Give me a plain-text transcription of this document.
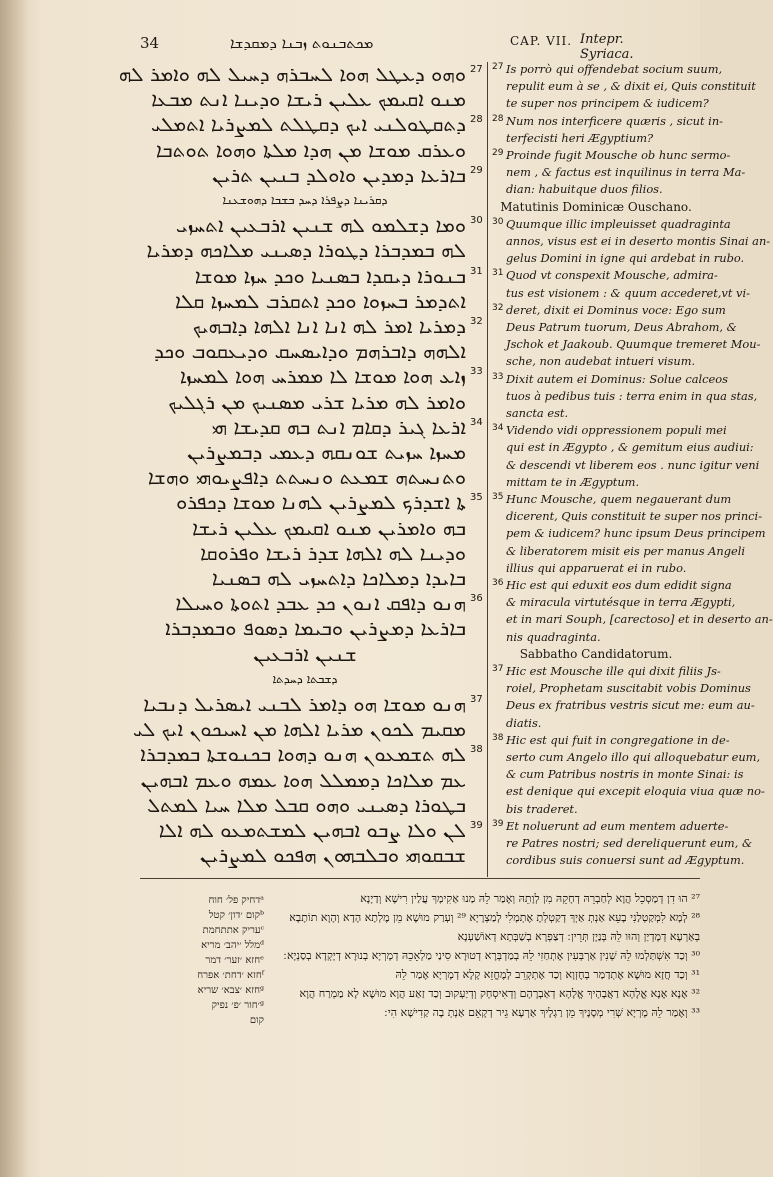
34	ܡܟܬܒܢܘܬ ܙܒܢܐ ܕܡܩܕܫܐ	CAP. VII. Intepr. Syriaca.
ܘܗܘ ܕܥܛܠ ܗܘܐ ܠܚܒܪܗ ܕܚܝܠ ܠܗ ܘܐܡܪ ܠܗ 27
ܡܢܘ ܐܩܝܡܟ ܥܠܝܢ ܪܝܫܐ ܘܕܝܢܐ ܐܢܬ ܡܒܥܐ
ܕܬܩܛܘܠܢܝ ܐܝܟ ܕܩܛܠܬ ܠܡܨܪܝܐ ܐܬܡܠܝ 28
ܘܥܪܩ ܡܘܫܐ ܡܢ ܗܕܐ ܡܠܬܐ ܘܗܘܐ ܬܘܬܒܐ
ܒܐܪܥܐ ܕܡܕܝܢ ܘܐܘܠܕ ܒܢܝܢ ܬܪܝܢ 29
ܕܩܪܝܢܐ ܕܨܦܪܐ ܕܚܕ ܒܫܒܐ ܕܗܘܫܥܢܐ
ܘܡܐ ܕܫܠܡܘ ܠܗ ܫܢܝܢ ܐܪܒܥܝܢ ܐܬܚܙܝ 30
ܠܗ ܒܡܕܒܪܐ ܕܛܘܪܐ ܕܣܝܢܝ ܡܠܐܟܗ ܕܡܪܝܐ
ܒܢܘܪܐ ܕܝܩܕܐ ܒܣܢܝܐ ܘܟܕ ܚܙܐ ܡܘܫܐ 31
ܐܬܕܡܪ ܒܚܙܘܐ ܘܟܕ ܐܬܩܪܒ ܠܡܚܙܐ ܩܠܐ
ܕܡܪܝܐ ܐܡܪ ܠܗ ܐܢܐ ܐܢܐ ܐܠܗܐ ܕܐܒܗܝܟ 32
ܐܠܗܗ ܕܐܒܪܗܡ ܘܕܐܝܣܚܩ ܘܕܝܥܩܘܒ ܘܟܕ
ܙܐܥ ܗܘܐ ܡܘܫܐ ܠܐ ܡܡܪܚ ܗܘܐ ܠܡܚܙܐ 33
ܘܐܡܪ ܠܗ ܡܪܝܐ ܫܪܝ ܡܣܢܝܟ ܡܢ ܪܓܠܝܟ
ܐܪܥܐ ܓܝܪ ܕܩܐܡ ܐܢܬ ܒܗ ܩܕܝܫܐ ܗܝ 34
ܡܚܙܐ ܚܙܝܬ ܫܘܢܩܗ ܕܥܡܝ ܕܒܡܨܪܝܢ
ܘܬܢܚܬܗ ܫܡܥܬ ܘܢܚܬܬ ܕܐܦܨܝܘܗܝ ܘܗܫܐ
ܬܐ ܐܫܕܪܟ ܠܡܨܪܝܢ ܠܗܢܐ ܡܘܫܐ ܕܟܦܪܘ 35
ܒܗ ܘܐܡܪܝܢ ܡܢܘ ܐܩܝܡܟ ܥܠܝܢ ܪܝܫܐ
ܘܕܝܢܐ ܠܗ ܐܠܗܐ ܫܕܪ ܪܝܫܐ ܘܦܪܘܩܐ
ܒܐܝܕܐ ܕܡܠܐܟܐ ܕܐܬܚܙܝ ܠܗ ܒܣܢܝܐ
ܗܢܘ ܕܐܦܩ ܐܢܘܢ ܟܕ ܥܒܕ ܐܬܘܬܐ ܘܚܝܠܐ 36
ܒܐܪܥܐ ܕܡܨܪܝܢ ܘܒܝܡܐ ܕܣܘܦ ܘܒܡܕܒܪܐ
ܫܢܝܢ ܐܪܒܥܝܢ
ܕܫܒܬܐ ܕܚܕܬܐ
ܗܢܘ ܡܘܫܐ ܗܘ ܕܐܡܪ ܠܒܢܝ ܐܝܣܪܝܠ ܕܢܒܝܐ 37
ܡܩܝܡ ܠܟܘܢ ܡܪܝܐ ܐܠܗܐ ܡܢ ܐܚܝܟܘܢ ܐܝܟ ܠܝ
ܠܗ ܬܫܡܥܘܢ ܗܢܘ ܕܗܘܐ ܒܟܢܘܫܬܐ ܒܡܕܒܪܐ 38
ܥܡ ܡܠܐܟܐ ܕܡܡܠܠ ܗܘܐ ܥܡܗ ܘܥܡ ܐܒܗܝܢ
ܒܛܘܪܐ ܕܣܝܢܝ ܘܗܘ ܩܒܠ ܡܠܐ ܚܝܐ ܠܡܬܠ
ܠܢ ܘܠܐ ܨܒܘ ܐܒܗܝܢ ܠܡܫܬܡܥܘ ܠܗ ܐܠܐ 39
ܫܒܩܘܗܝ ܘܒܠܒܗܘܢ ܗܦܟܘ ܠܡܨܪܝܢ
Is porrò qui offendebat socium suum,
27
repulit eum à se , & dixit ei, Quis constituit
te super nos principem & iudicem?
Num nos interficere quæris , sicut in-
28
terfecisti heri Ægyptium?
Proinde fugit Mousche ob hunc sermo-
29
nem , & factus est inquilinus in terra Ma-
dian: habuitque duos filios.
Matutinis Dominicæ Ouschano.
Quumque illic impleuisset quadraginta
30
annos, visus est ei in deserto montis Sinai an-
gelus Domini in igne qui ardebat in rubo.
Quod vt conspexit Mousche, admira-
31
tus est visionem : & quum accederet,vt vi-
deret, dixit ei Dominus voce: Ego sum
32
Deus Patrum tuorum, Deus Abrahom, &
Jschok et Jaakoub. Quumque tremeret Mou-
sche, non audebat intueri visum.
Dixit autem ei Dominus: Solue calceos
33
tuos à pedibus tuis : terra enim in qua stas,
sancta est.
Videndo vidi oppressionem populi mei
34
qui est in Ægypto , & gemitum eius audiui:
& descendi vt liberem eos . nunc igitur veni
mittam te in Ægyptum.
Hunc Mousche, quem negauerant dum
35
dicerent, Quis constituit te super nos princi-
pem & iudicem? hunc ipsum Deus principem
& liberatorem misit eis per manus Angeli
illius qui apparuerat ei in rubo.
Hic est qui eduxit eos dum edidit signa
36
& miracula virtutésque in terra Ægypti,
et in mari Souph, [carectoso] et in deserto an-
nis quadraginta.
Sabbatho Candidatorum.
Hic est Mousche ille qui dixit filiis Js-
37
roiel, Prophetam suscitabit vobis Dominus
Deus ex fratribus vestris sicut me: eum au-
diatis.
Hic est qui fuit in congregatione in de-
38
serto cum Angelo illo qui alloquebatur eum,
& cum Patribus nostris in monte Sinai: is
est denique qui excepit eloquia viua quæ no-
bis traderet.
Et noluerunt ad eum mentem aduerte-
39
re Patres nostri; sed dereliquerunt eum, &
cordibus suis conuersi sunt ad Ægyptum.
ᵃדחיק פל׳ חוח
ᵇקום ׳דון׳ קטל
ᶜעריק אתתחמת
ᵈמלל ׳יהב׳ מריא
ᵉחזא ׳זער׳ דמר
ᶠחזא ׳דחת׳ אפרח
ᵍחזא ׳צבא׳ שריא
ᵍ׳חור ׳פ׳ נפיק
קום
²⁷ הוּ דִן דְמַסְכֵל הֲוָא לְחַבְרֵהּ דְחָקֵהּ מִן לְוָתֵהּ וְאֶמַר לֵהּ מַנוּ אַקִימָךְ עֲלַין רִישָׁא וְדַיָנָא
²⁸ לְמָא לִמְקַטְלַנִי בָעֵא אַנְתְ אַיְךְ דְקַטְלְתָ אֶתְמָלִי לְמַצְרָיָא ²⁹ וְעְרַק מוּשֶׁא מֵן מֶלְתָא הָדָא וְהָוָא תוֹתָבָא
בְאַרְעָא דְמָדְיַן וְהוּו לֵהּ בְּנַיָן תְּרֵין ׃ דְצַפְרָא בְשַׁבְּתָא דְאוֹשַׁעְנָא
³⁰ וְכַד אִשְׁתַּלְמוּ לֵהּ שְׁנִין אַרְבְּעִין אֶתְחַזִי לֵהּ בְמַדְבְּרָא דְטוּרָא סִינַי מַלְאָכֵהּ דְמָרְיָא בְנוּרָא דְיָקְדָא בְסַנְיָא ׃
³¹ וְכַד חֲזָא מוּשֶׁא אֶתְדַמַר בְחֶזְוָא וְכַד אֶתְקְרֵב לְמֶחֱזֵא קָלָא דְמָרְיָא אֶמַר לֵהּ
³² אֶנָא אֶנָא אֱלָהָא דַאֲבָהָיךְ אֱלָהָא דְאַבְרָהָם וְדְאִיסְחָק וְדְיַעְקוּב וְכַד זַאַע הֲוָא מוּשֶׁא לָא מַמְרַח הֲוָא
³³ וְאֶמַר לֵהּ מָרְיָא שְׁרִי מְסָנָיךְ מֵן רַגְלָיךְ אַרְעָא גֵיר דְקָאֵם אַנְתְ בָה קַדִישָׁא הִי ׃
